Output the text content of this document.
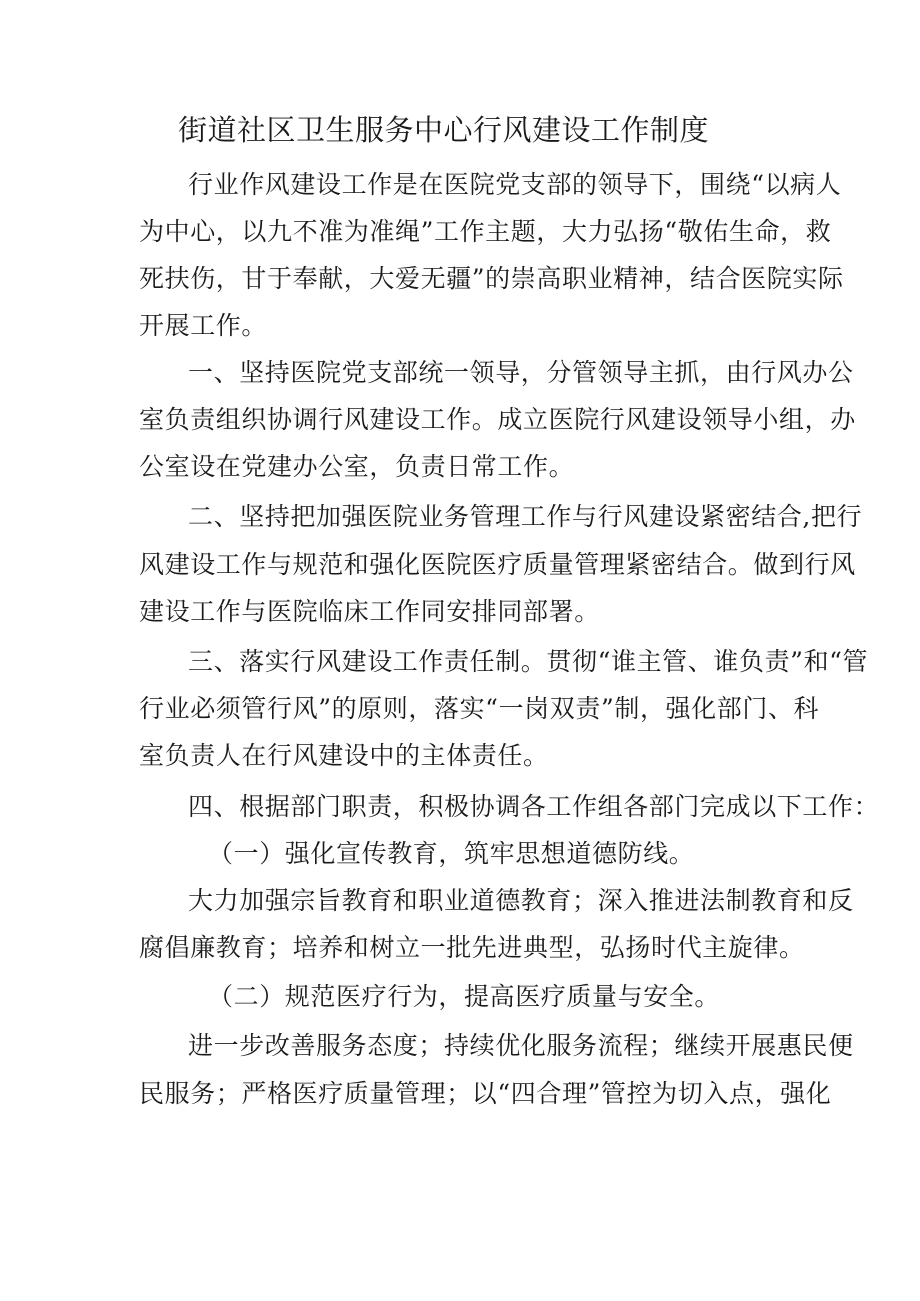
街道社区卫生服务中心行风建设工作制度
行业作风建设工作是在医院党支部的领导下，围绕“以病人
为中心，以九不准为准绳”工作主题，大力弘扬“敬佑生命，救
死扶伤，甘于奉献，大爱无疆”的崇高职业精神，结合医院实际
开展工作。
一、坚持医院党支部统一领导，分管领导主抓，由行风办公
室负责组织协调行风建设工作。成立医院行风建设领导小组，办
公室设在党建办公室，负责日常工作。
二、坚持把加强医院业务管理工作与行风建设紧密结合,把行
风建设工作与规范和强化医院医疗质量管理紧密结合。做到行风
建设工作与医院临床工作同安排同部署。
三、落实行风建设工作责任制。贯彻“谁主管、谁负责”和“管
行业必须管行风”的原则，落实“一岗双责”制，强化部门、科
室负责人在行风建设中的主体责任。
四、根据部门职责，积极协调各工作组各部门完成以下工作：
（一）强化宣传教育，筑牢思想道德防线。
大力加强宗旨教育和职业道德教育；深入推进法制教育和反
腐倡廉教育；培养和树立一批先进典型，弘扬时代主旋律。
（二）规范医疗行为，提高医疗质量与安全。
进一步改善服务态度；持续优化服务流程；继续开展惠民便
民服务；严格医疗质量管理；以“四合理”管控为切入点，强化
